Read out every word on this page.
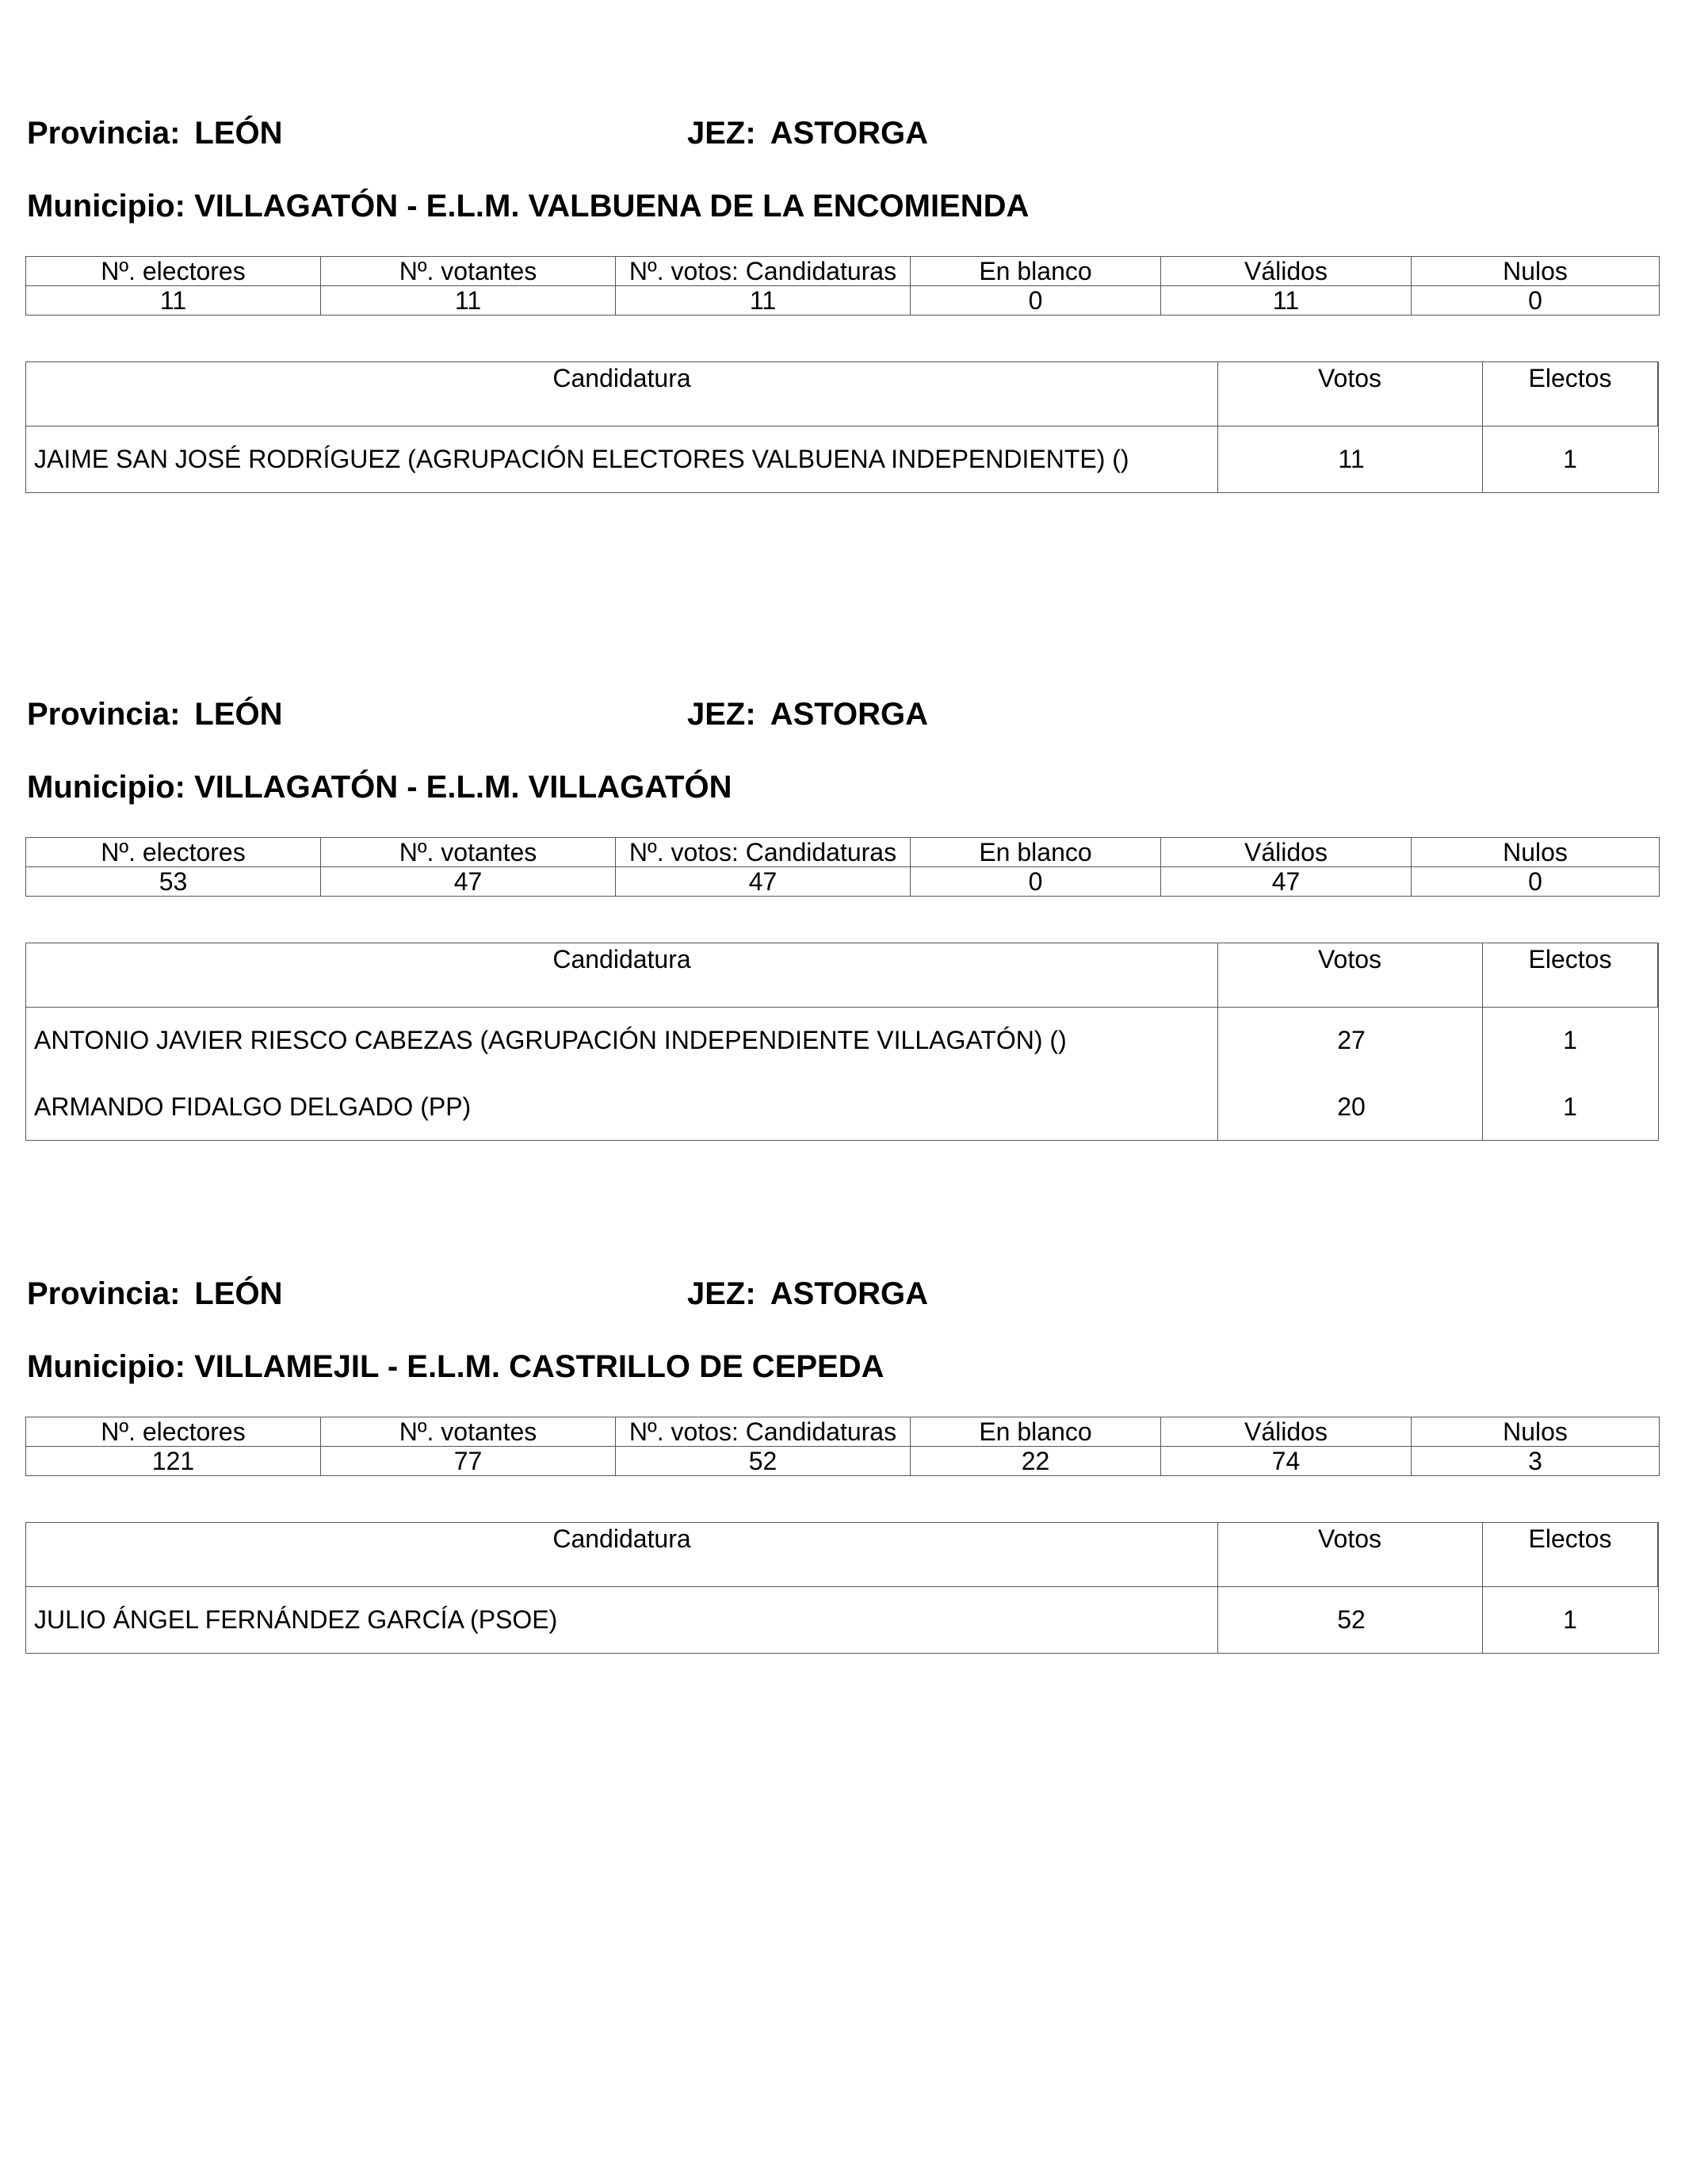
Provincia: LEÓN	JEZ: ASTORGA
Municipio: VILLAGATÓN - E.L.M. VALBUENA DE LA ENCOMIENDA
Nº. electores	Nº. votantes	Nº. votos: Candidaturas	En blanco	Válidos	Nulos
11	11	11	0	11	0
Candidatura	Votos	Electos
JAIME SAN JOSÉ RODRÍGUEZ (AGRUPACIÓN ELECTORES VALBUENA INDEPENDIENTE) ()	11	1
Provincia: LEÓN	JEZ: ASTORGA
Municipio: VILLAGATÓN - E.L.M. VILLAGATÓN
Nº. electores	Nº. votantes	Nº. votos: Candidaturas	En blanco	Válidos	Nulos
53	47	47	0	47	0
Candidatura	Votos	Electos
ANTONIO JAVIER RIESCO CABEZAS (AGRUPACIÓN INDEPENDIENTE VILLAGATÓN) ()	27	1
ARMANDO FIDALGO DELGADO (PP)	20	1
Provincia: LEÓN	JEZ: ASTORGA
Municipio: VILLAMEJIL - E.L.M. CASTRILLO DE CEPEDA
Nº. electores	Nº. votantes	Nº. votos: Candidaturas	En blanco	Válidos	Nulos
121	77	52	22	74	3
Candidatura	Votos	Electos
JULIO ÁNGEL FERNÁNDEZ GARCÍA (PSOE)	52	1
